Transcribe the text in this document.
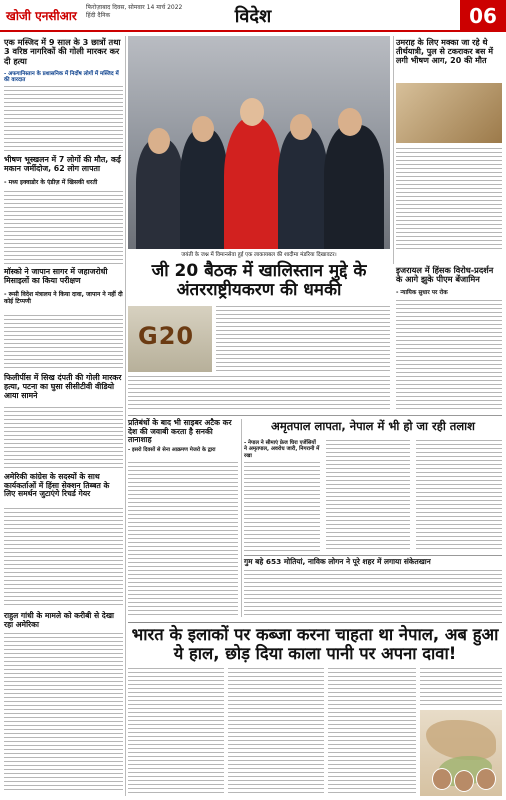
खोजी एनसीआर
फिरोज़ाबाद दिवस, सोमवार 14 मार्च 2022
हिंदी दैनिक	विदेश	06
एक मस्जिद में 9 साल के 3 छात्रों तथा 3 वरिष्ठ नागरिकों की गोली मारकर कर दी हत्या
- अफगानिस्तान के प्रशासनिक में निर्दोष लोगों में मस्जिद में की वारदात
भीषण भूस्खलन में 7 लोगों की मौत, कई मकान जमींदोज, 62 लोग लापता
- मध्य इक्वाडोर के एंडीज़ में खिसकी धरती
मॉस्को ने जापान सागर में जहाजरोधी मिसाइलों का किया परीक्षण
- रूसी विदेश मंत्रालय ने किया दावा, जापान ने नहीं दी कोई टिप्पणी
फिलीपींस में सिख दंपती की गोली मारकर हत्या, पटना का घुसा सीसीटीवी वीडियो आया सामने
अमेरिकी कांग्रेस के सदस्यों के साथ कार्यकर्ताओं में हिंसा सेक्शन तिब्बत के लिए समर्थन जुटाएंगे रिचर्ड गेयर
राहुल गांधी के मामले को करीबी से देखा रहा अमेरिका
जयंती के जश्न में विमानसेवा हुई एक लाकायबल की शादीमा मंडरिया दिखावटर।
उमराह के लिए मक्का जा रहे थे तीर्थयात्री, पुल से टकराकर बस में लगी भीषण आग, 20 की मौत
जी 20 बैठक में खालिस्तान मुद्दे के अंतरराष्ट्रीयकरण की धमकी
G20
इजरायल में हिंसक विरोध-प्रदर्शन के आगे झुके पीएम बेंजामिन
- न्यायिक सुधार पर रोक
प्रतिबंधों के बाद भी साइबर अटैक कर देश की जवाबी करता है सनकी तानाशाह
- इसरो दिवसों से सेना आक्रमण मेजरो के द्वारा
अमृतपाल लापता, नेपाल में भी हो जा रही तलाश
- नेपाल ने सीमाएं फ्रेज घिरा एजेंसियों ने अमृतपाल, अवरोध जारी, निगरानी में रखा
गुम बहे 653 मोतियां, नाविक लोगन ने पूरे शहर में लगाया संकेतखान
भारत के इलाकों पर कब्जा करना चाहता था नेपाल, अब हुआ ये हाल, छोड़ दिया काला पानी पर अपना दावा!
